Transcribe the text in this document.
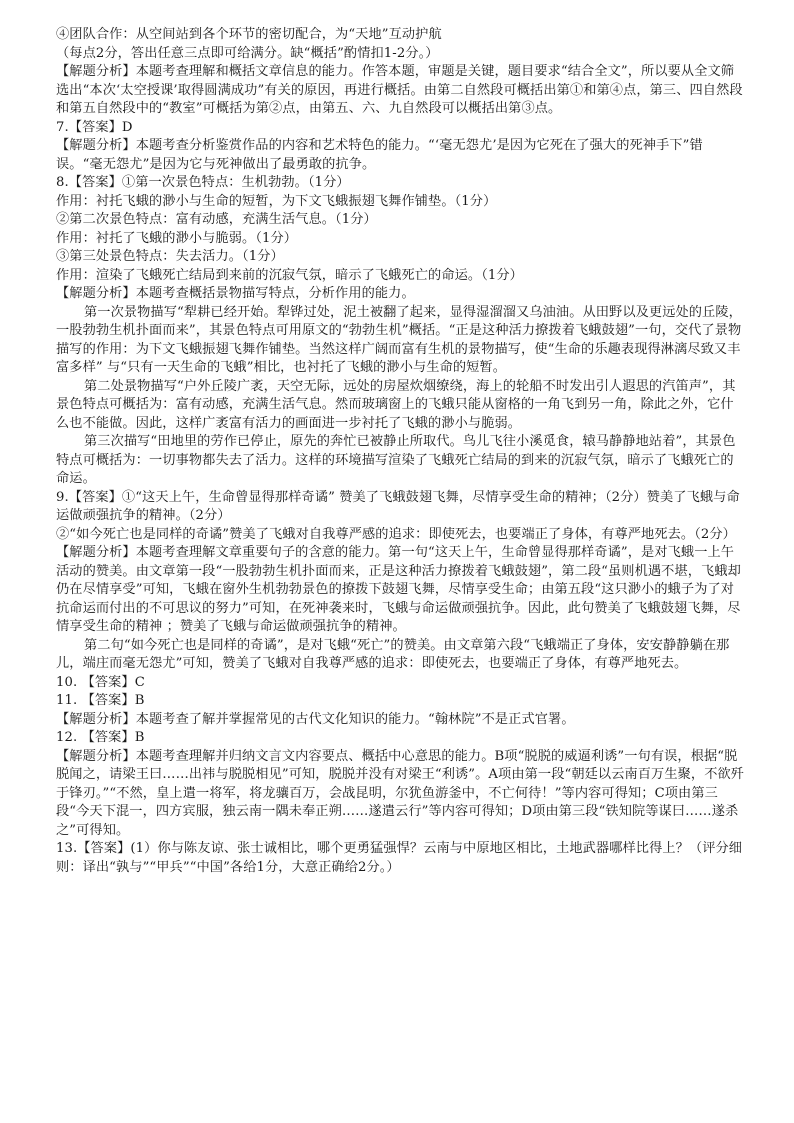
④团队合作：从空间站到各个环节的密切配合，为“天地”互动护航

（每点2分，答出任意三点即可给满分。缺“概括”酌情扣1-2分。）

【解题分析】本题考查理解和概括文章信息的能力。作答本题，审题是关键，题目要求“结合全文”，所以要从全文筛选出“本次‘太空授课’取得圆满成功”有关的原因，再进行概括。由第二自然段可概括出第①和第④点，第三、四自然段和第五自然段中的“教室”可概括为第②点，由第五、六、九自然段可以概括出第③点。

7.【答案】D

【解题分析】本题考查分析鉴赏作品的内容和艺术特色的能力。“‘毫无怨尤’是因为它死在了强大的死神手下”错误。“毫无怨尤”是因为它与死神做出了最勇敢的抗争。

8.【答案】①第一次景色特点：生机勃勃。（1分）

作用：衬托飞蛾的渺小与生命的短暂，为下文飞蛾振翅飞舞作铺垫。（1分）

②第二次景色特点：富有动感，充满生活气息。（1分）

作用：衬托了飞蛾的渺小与脆弱。（1分）

③第三处景色特点：失去活力。（1分）

作用：渲染了飞蛾死亡结局到来前的沉寂气氛，暗示了飞蛾死亡的命运。（1分）

【解题分析】本题考查概括景物描写特点，分析作用的能力。

第一次景物描写“犁耕已经开始。犁铧过处，泥土被翻了起来，显得湿溜溜又乌油油。从田野以及更远处的丘陵，一股勃勃生机扑面而来”，其景色特点可用原文的“勃勃生机”概括。“正是这种活力撩拨着飞蛾鼓翅”一句，交代了景物描写的作用：为下文飞蛾振翅飞舞作铺垫。当然这样广阔而富有生机的景物描写，使“生命的乐趣表现得淋漓尽致又丰富多样” 与“只有一天生命的飞蛾”相比，也衬托了飞蛾的渺小与生命的短暂。

第二处景物描写“户外丘陵广袤，天空无际，远处的房屋炊烟缭绕，海上的轮船不时发出引人遐思的汽笛声”，其景色特点可概括为：富有动感，充满生活气息。然而玻璃窗上的飞蛾只能从窗格的一角飞到另一角，除此之外，它什么也不能做。因此，这样广袤富有活力的画面进一步衬托了飞蛾的渺小与脆弱。

第三次描写“田地里的劳作已停止，原先的奔忙已被静止所取代。鸟儿飞往小溪觅食，辕马静静地站着”，其景色特点可概括为：一切事物都失去了活力。这样的环境描写渲染了飞蛾死亡结局的到来的沉寂气氛，暗示了飞蛾死亡的命运。

9.【答案】①“这天上午，生命曾显得那样奇谲” 赞美了飞蛾鼓翅飞舞，尽情享受生命的精神；（2分）赞美了飞蛾与命运做顽强抗争的精神。（2分）

②“如今死亡也是同样的奇谲”赞美了飞蛾对自我尊严感的追求：即使死去，也要端正了身体，有尊严地死去。（2分）

【解题分析】本题考查理解文章重要句子的含意的能力。第一句“这天上午，生命曾显得那样奇谲”，是对飞蛾一上午活动的赞美。由文章第一段“一股勃勃生机扑面而来，正是这种活力撩拨着飞蛾鼓翅”，第二段“虽则机遇不堪，飞蛾却仍在尽情享受”可知，飞蛾在窗外生机勃勃景色的撩拨下鼓翅飞舞，尽情享受生命；由第五段“这只渺小的蛾子为了对抗命运而付出的不可思议的努力”可知，在死神袭来时，飞蛾与命运做顽强抗争。因此，此句赞美了飞蛾鼓翅飞舞，尽情享受生命的精神 ；赞美了飞蛾与命运做顽强抗争的精神。

第二句“如今死亡也是同样的奇谲”，是对飞蛾“死亡”的赞美。由文章第六段“飞蛾端正了身体，安安静静躺在那儿，端庄而毫无怨尤”可知，赞美了飞蛾对自我尊严感的追求：即使死去，也要端正了身体，有尊严地死去。

10. 【答案】C

11. 【答案】B

【解题分析】本题考查了解并掌握常见的古代文化知识的能力。“翰林院”不是正式官署。

12. 【答案】B

【解题分析】本题考查理解并归纳文言文内容要点、概括中心意思的能力。B项“脱脱的威逼利诱”一句有误，根据“脱脱闻之，请梁王曰……出祎与脱脱相见”可知，脱脱并没有对梁王“利诱”。A项由第一段“朝廷以云南百万生聚，不欲歼于锋刃。”“不然，皇上遣一将军，将龙骧百万，会战昆明，尔犹鱼游釜中，不亡何待！”等内容可得知；C项由第三段“今天下混一，四方宾服，独云南一隅未奉正朔……遂遣云行”等内容可得知；D项由第三段“铁知院等谋曰……遂杀之”可得知。

13.【答案】(1）你与陈友谅、张士诚相比，哪个更勇猛强悍？云南与中原地区相比，土地武器哪样比得上？（评分细则：译出“孰与”“甲兵”“中国”各给1分，大意正确给2分。）
